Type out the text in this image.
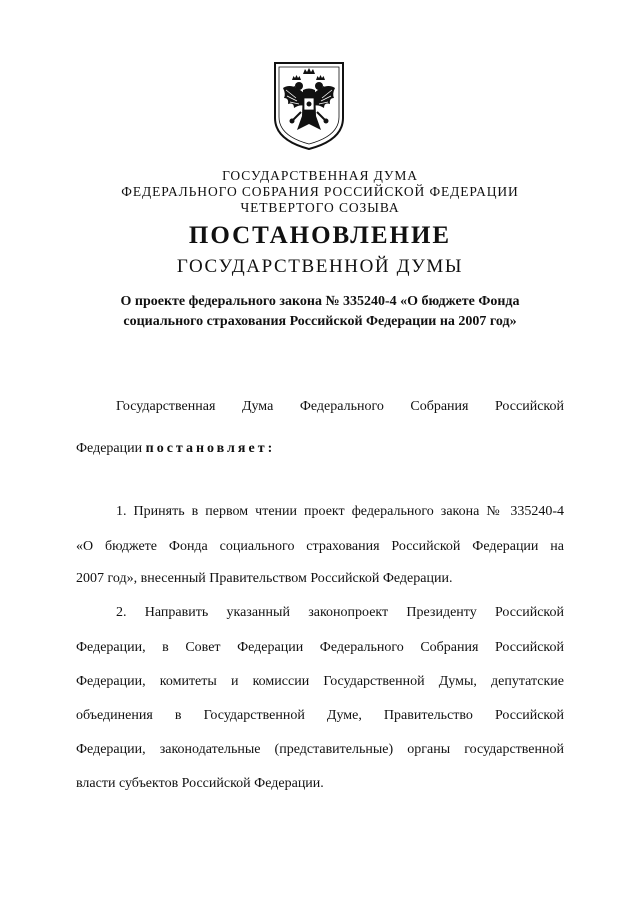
ГОСУДАРСТВЕННАЯ ДУМА
ФЕДЕРАЛЬНОГО СОБРАНИЯ РОССИЙСКОЙ ФЕДЕРАЦИИ
ЧЕТВЕРТОГО СОЗЫВА
ПОСТАНОВЛЕНИЕ
ГОСУДАРСТВЕННОЙ ДУМЫ
О проекте федерального закона № 335240-4 «О бюджете Фонда
социального страхования Российской Федерации на 2007 год»
Государственная Дума Федерального Собрания Российской
Федерации постановляет:
1. Принять в первом чтении проект федерального закона № 335240-4
«О бюджете Фонда социального страхования Российской Федерации на
2007 год», внесенный Правительством Российской Федерации.
2. Направить указанный законопроект Президенту Российской
Федерации, в Совет Федерации Федерального Собрания Российской
Федерации, комитеты и комиссии Государственной Думы, депутатские
объединения в Государственной Думе, Правительство Российской
Федерации, законодательные (представительные) органы государственной
власти субъектов Российской Федерации.
